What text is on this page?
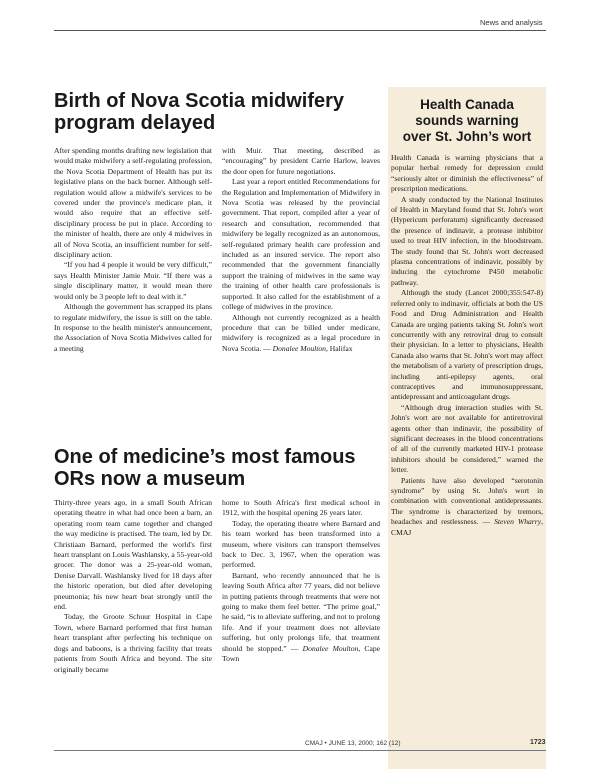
News and analysis
Birth of Nova Scotia midwifery
program delayed

After spending months drafting new legislation that would make midwifery a self-regulating profession, the Nova Scotia Department of Health has put its legislative plans on the back burner. Although self-regulation would allow a midwife's services to be covered under the province's medicare plan, it would also require that an effective self-disciplinary process be put in place. According to the minister of health, there are only 4 midwives in all of Nova Scotia, an insufficient number for self-disciplinary action.

“If you had 4 people it would be very difficult,” says Health Minister Jamie Muir. “If there was a single disciplinary matter, it would mean there would only be 3 people left to deal with it.”

Although the government has scrapped its plans to regulate midwifery, the issue is still on the table. In response to the health minister's announcement, the Association of Nova Scotia Midwives called for a meeting

with Muir. That meeting, described as “encouraging” by president Carrie Harlow, leaves the door open for future negotiations.

Last year a report entitled Recommendations for the Regulation and Implementation of Midwifery in Nova Scotia was released by the provincial government. That report, compiled after a year of research and consultation, recommended that midwifery be legally recognized as an autonomous, self-regulated primary health care profession and included as an insured service. The report also recommended that the government financially support the training of midwives in the same way the training of other health care professionals is supported. It also called for the establishment of a college of midwives in the province.

Although not currently recognized as a health procedure that can be billed under medicare, midwifery is recognized as a legal procedure in Nova Scotia. — Donalee Moulton, Halifax

One of medicine’s most famous
ORs now a museum

Thirty-three years ago, in a small South African operating theatre in what had once been a barn, an operating room team came together and changed the way medicine is practised. The team, led by Dr. Christiaan Barnard, performed the world's first heart transplant on Louis Washlansky, a 55-year-old grocer. The donor was a 25-year-old woman, Denise Darvall. Washlansky lived for 18 days after the historic operation, but died after developing pneumonia; his new heart beat strongly until the end.

Today, the Groote Schuur Hospital in Cape Town, where Barnard performed that first human heart transplant after perfecting his technique on dogs and baboons, is a thriving facility that treats patients from South Africa and beyond. The site originally became

home to South Africa's first medical school in 1912, with the hospital opening 26 years later.

Today, the operating theatre where Barnard and his team worked has been transformed into a museum, where visitors can transport themselves back to Dec. 3, 1967, when the operation was performed.

Barnard, who recently announced that he is leaving South Africa after 77 years, did not believe in putting patients through treatments that were not going to make them feel better. “The prime goal,” he said, “is to alleviate suffering, and not to prolong life. And if your treatment does not alleviate suffering, but only prolongs life, that treatment should be stopped.” — Donalee Moulton, Cape Town

Health Canada
sounds warning
over St. John’s wort

Health Canada is warning physicians that a popular herbal remedy for depression could “seriously alter or diminish the effectiveness” of prescription medications.

A study conducted by the National Institutes of Health in Maryland found that St. John's wort (Hypericum perforatum) significantly decreased the presence of indinavir, a protease inhibitor used to treat HIV infection, in the bloodstream. The study found that St. John's wort decreased plasma concentrations of indinavir, possibly by inducing the cytochrome P450 metabolic pathway.

Although the study (Lancet 2000;355:547-8) referred only to indinavir, officials at both the US Food and Drug Administration and Health Canada are urging patients taking St. John's wort concurrently with any retroviral drug to consult their physician. In a letter to physicians, Health Canada also warns that St. John's wort may affect the metabolism of a variety of prescription drugs, including anti-epilepsy agents, oral contraceptives and immunosuppressant, antidepressant and anticoagulant drugs.

“Although drug interaction studies with St. John's wort are not available for antiretroviral agents other than indinavir, the possibility of significant decreases in the blood concentrations of all of the currently marketed HIV-1 protease inhibitors should be considered,” warned the letter.

Patients have also developed “serotonin syndrome” by using St. John's wort in combination with conventional antidepressants. The syndrome is characterized by tremors, headaches and restlessness. — Steven Wharry, CMAJ

CMAJ • JUNE 13, 2000; 162 (12)	1723
